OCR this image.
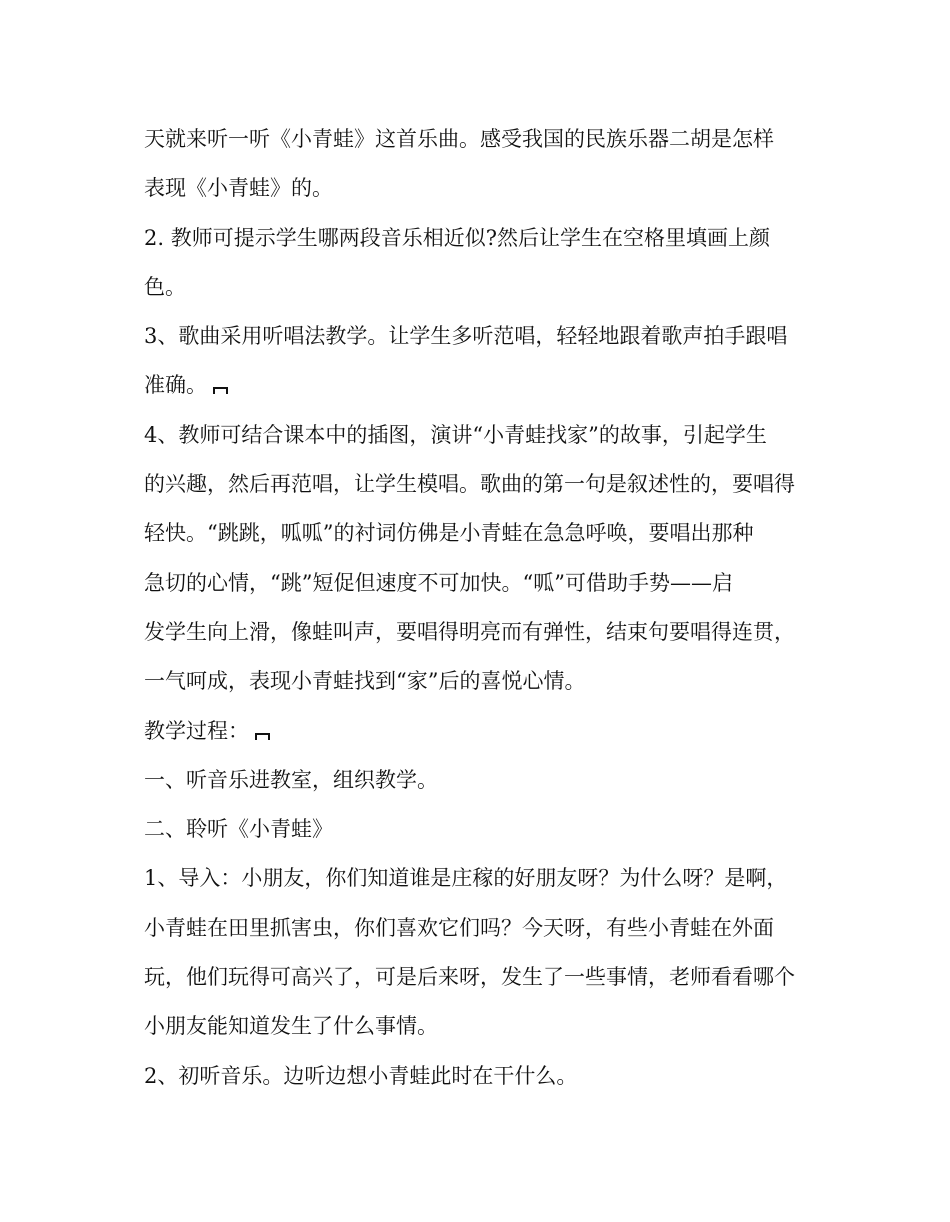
天就来听一听《小青蛙》这首乐曲。感受我国的民族乐器二胡是怎样
表现《小青蛙》的。
2. 教师可提示学生哪两段音乐相近似?然后让学生在空格里填画上颜
色。
3、歌曲采用听唱法教学。让学生多听范唱，轻轻地跟着歌声拍手跟唱
准确。
4、教师可结合课本中的插图，演讲“小青蛙找家”的故事，引起学生
的兴趣，然后再范唱，让学生模唱。歌曲的第一句是叙述性的，要唱得
轻快。“跳跳，呱呱”的衬词仿佛是小青蛙在急急呼唤，要唱出那种
急切的心情，“跳”短促但速度不可加快。“呱”可借助手势——启
发学生向上滑，像蛙叫声，要唱得明亮而有弹性，结束句要唱得连贯，
一气呵成，表现小青蛙找到“家”后的喜悦心情。
教学过程：
一、听音乐进教室，组织教学。
二、聆听《小青蛙》
1、导入：小朋友，你们知道谁是庄稼的好朋友呀？为什么呀？是啊，
小青蛙在田里抓害虫，你们喜欢它们吗？今天呀，有些小青蛙在外面
玩，他们玩得可高兴了，可是后来呀，发生了一些事情，老师看看哪个
小朋友能知道发生了什么事情。
2、初听音乐。边听边想小青蛙此时在干什么。
